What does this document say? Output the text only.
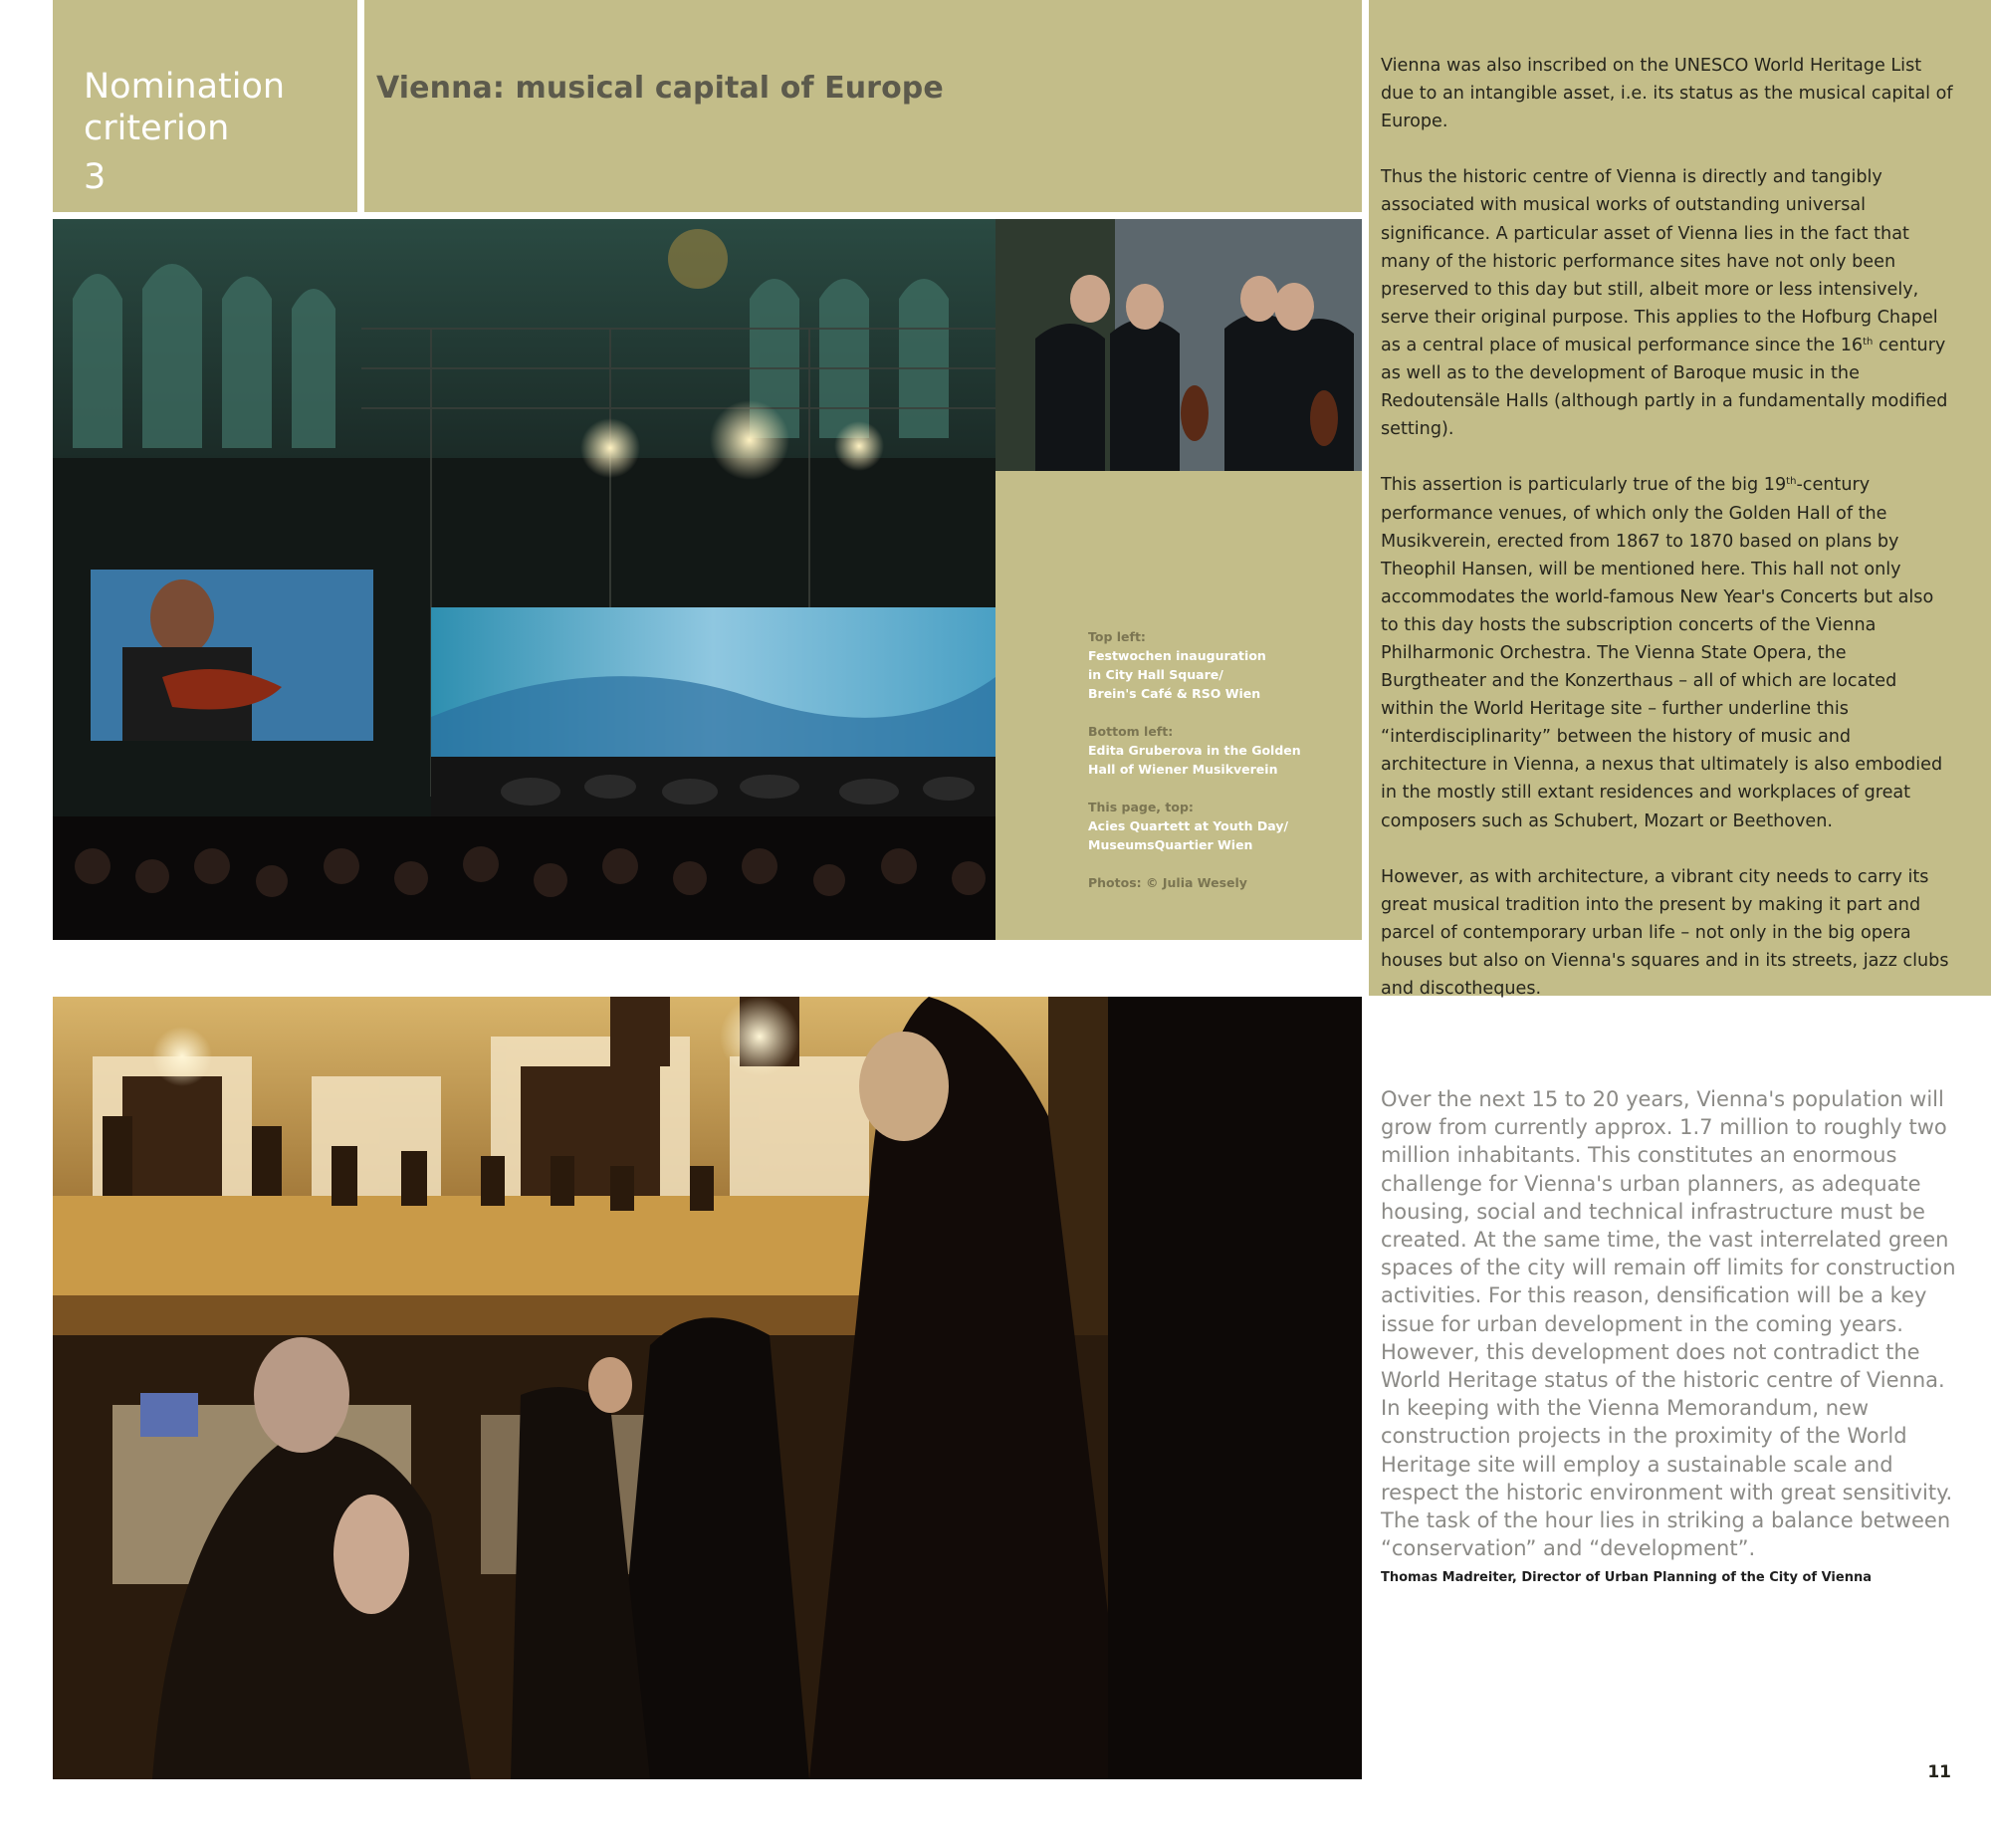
Nomination criterion
3
Vienna: musical capital of Europe

Vienna was also inscribed on the UNESCO World Heritage List due to an intangible asset, i.e. its status as the musical capital of Europe.

Thus the historic centre of Vienna is directly and tangibly associated with musical works of outstanding universal significance. A particular asset of Vienna lies in the fact that many of the historic performance sites have not only been preserved to this day but still, albeit more or less intensively, serve their original purpose. This applies to the Hofburg Chapel as a central place of musical performance since the 16th century as well as to the development of Baroque music in the Redoutensäle Halls (although partly in a fundamentally modified setting).

This assertion is particularly true of the big 19th-century performance venues, of which only the Golden Hall of the Musikverein, erected from 1867 to 1870 based on plans by Theophil Hansen, will be mentioned here. This hall not only accommodates the world-famous New Year's Concerts but also to this day hosts the subscription concerts of the Vienna Philharmonic Orchestra. The Vienna State Opera, the Burgtheater and the Konzerthaus – all of which are located within the World Heritage site – further underline this “interdisciplinarity” between the history of music and architecture in Vienna, a nexus that ultimately is also embodied in the mostly still extant residences and workplaces of great composers such as Schubert, Mozart or Beethoven.

However, as with architecture, a vibrant city needs to carry its great musical tradition into the present by making it part and parcel of contemporary urban life – not only in the big opera houses but also on Vienna's squares and in its streets, jazz clubs and discotheques.

Top left:
Festwochen inauguration
in City Hall Square/
Brein's Café & RSO Wien
Bottom left:
Edita Gruberova in the Golden
Hall of Wiener Musikverein
This page, top:
Acies Quartett at Youth Day/
MuseumsQuartier Wien
Photos: © Julia Wesely
Over the next 15 to 20 years, Vienna's population will grow from currently approx. 1.7 million to roughly two million inhabitants. This constitutes an enormous challenge for Vienna's urban planners, as adequate housing, social and technical infrastructure must be created. At the same time, the vast interrelated green spaces of the city will remain off limits for construction activities. For this reason, densification will be a key issue for urban development in the coming years. However, this development does not contradict the World Heritage status of the historic centre of Vienna. In keeping with the Vienna Memorandum, new construction projects in the proximity of the World Heritage site will employ a sustainable scale and respect the historic environment with great sensitivity. The task of the hour lies in striking a balance between “conservation” and “development”.
Thomas Madreiter, Director of Urban Planning of the City of Vienna
11
